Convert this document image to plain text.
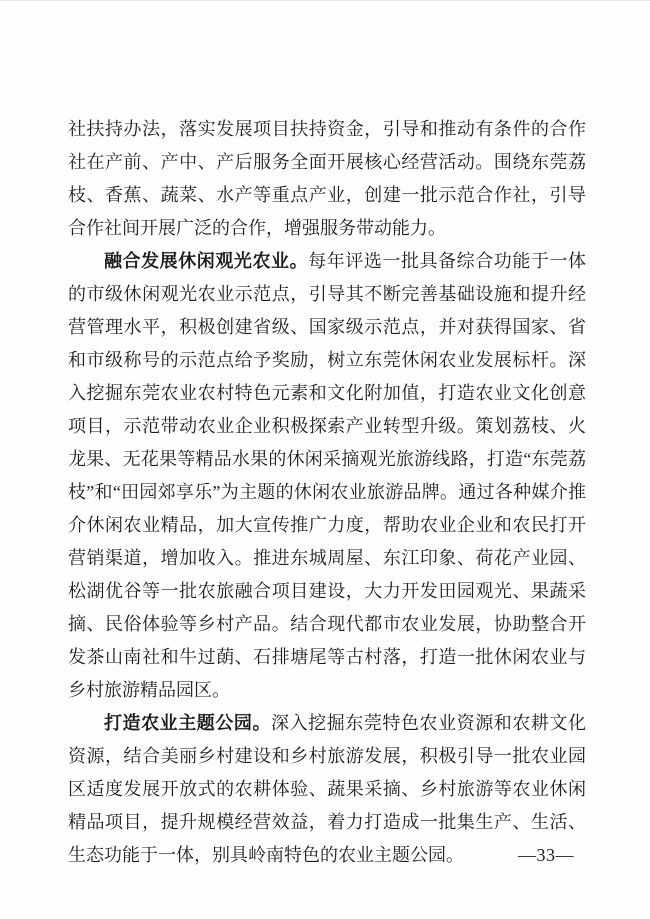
社扶持办法，落实发展项目扶持资金，引导和推动有条件的合作社在产前、产中、产后服务全面开展核心经营活动。围绕东莞荔枝、香蕉、蔬菜、水产等重点产业，创建一批示范合作社，引导合作社间开展广泛的合作，增强服务带动能力。

融合发展休闲观光农业。每年评选一批具备综合功能于一体的市级休闲观光农业示范点，引导其不断完善基础设施和提升经营管理水平，积极创建省级、国家级示范点，并对获得国家、省和市级称号的示范点给予奖励，树立东莞休闲农业发展标杆。深入挖掘东莞农业农村特色元素和文化附加值，打造农业文化创意项目，示范带动农业企业积极探索产业转型升级。策划荔枝、火龙果、无花果等精品水果的休闲采摘观光旅游线路，打造“东莞荔枝”和“田园郊享乐”为主题的休闲农业旅游品牌。通过各种媒介推介休闲农业精品，加大宣传推广力度，帮助农业企业和农民打开营销渠道，增加收入。推进东城周屋、东江印象、荷花产业园、松湖优谷等一批农旅融合项目建设，大力开发田园观光、果蔬采摘、民俗体验等乡村产品。结合现代都市农业发展，协助整合开发茶山南社和牛过蓢、石排塘尾等古村落，打造一批休闲农业与乡村旅游精品园区。

打造农业主题公园。深入挖掘东莞特色农业资源和农耕文化资源，结合美丽乡村建设和乡村旅游发展，积极引导一批农业园区适度发展开放式的农耕体验、蔬果采摘、乡村旅游等农业休闲精品项目，提升规模经营效益，着力打造成一批集生产、生活、生态功能于一体，别具岭南特色的农业主题公园。	—33—
